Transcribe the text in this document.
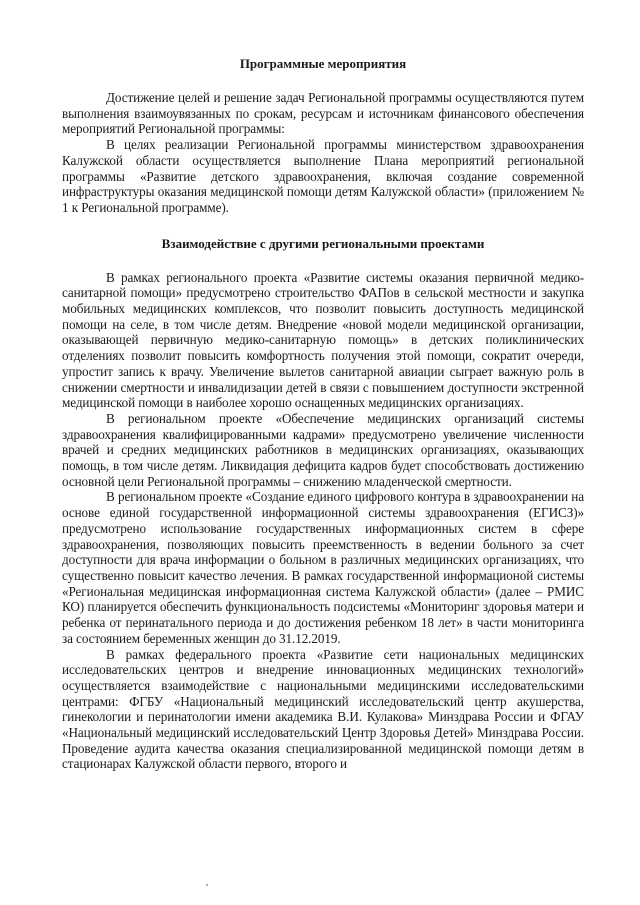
Программные мероприятия

Достижение целей и решение задач Региональной программы осуществляются путем выполнения взаимоувязанных по срокам, ресурсам и источникам финансового обеспечения мероприятий Региональной программы:

В целях реализации Региональной программы министерством здравоохранения Калужской области осуществляется выполнение Плана мероприятий региональной программы «Развитие детского здравоохранения, включая создание современной инфраструктуры оказания медицинской помощи детям Калужской области» (приложением № 1 к Региональной программе).

Взаимодействие с другими региональными проектами

В рамках регионального проекта «Развитие системы оказания первичной медико-санитарной помощи» предусмотрено строительство ФАПов в сельской местности и закупка мобильных медицинских комплексов, что позволит повысить доступность медицинской помощи на селе, в том числе детям. Внедрение «новой модели медицинской организации, оказывающей первичную медико-санитарную помощь» в детских поликлинических отделениях позволит повысить комфортность получения этой помощи, сократит очереди, упростит запись к врачу. Увеличение вылетов санитарной авиации сыграет важную роль в снижении смертности и инвалидизации детей в связи с повышением доступности экстренной медицинской помощи в наиболее хорошо оснащенных медицинских организациях.

В региональном проекте «Обеспечение медицинских организаций системы здравоохранения квалифицированными кадрами» предусмотрено увеличение численности врачей и средних медицинских работников в медицинских организациях, оказывающих помощь, в том числе детям. Ликвидация дефицита кадров будет способствовать достижению основной цели Региональной программы – снижению младенческой смертности.

В региональном проекте «Создание единого цифрового контура в здравоохранении на основе единой государственной информационной системы здравоохранения (ЕГИСЗ)» предусмотрено использование государственных информационных систем в сфере здравоохранения, позволяющих повысить преемственность в ведении больного за счет доступности для врача информации о больном в различных медицинских организациях, что существенно повысит качество лечения. В рамках государственной информационой системы «Региональная медицинская информационная система Калужской области» (далее – РМИС КО) планируется обеспечить функциональность подсистемы «Мониторинг здоровья матери и ребенка от перинатального периода и до достижения ребенком 18 лет» в части мониторинга за состоянием беременных женщин до 31.12.2019.

В рамках федерального проекта «Развитие сети национальных медицинских исследовательских центров и внедрение инновационных медицинских технологий» осуществляется взаимодействие с национальными медицинскими исследовательскими центрами: ФГБУ «Национальный медицинский исследовательский центр акушерства, гинекологии и перинатологии имени академика В.И. Кулакова» Минздрава России и ФГАУ «Национальный медицинский исследовательский Центр Здоровья Детей» Минздрава России. Проведение аудита качества оказания специализированной медицинской помощи детям в стационарах Калужской области первого, второго и
